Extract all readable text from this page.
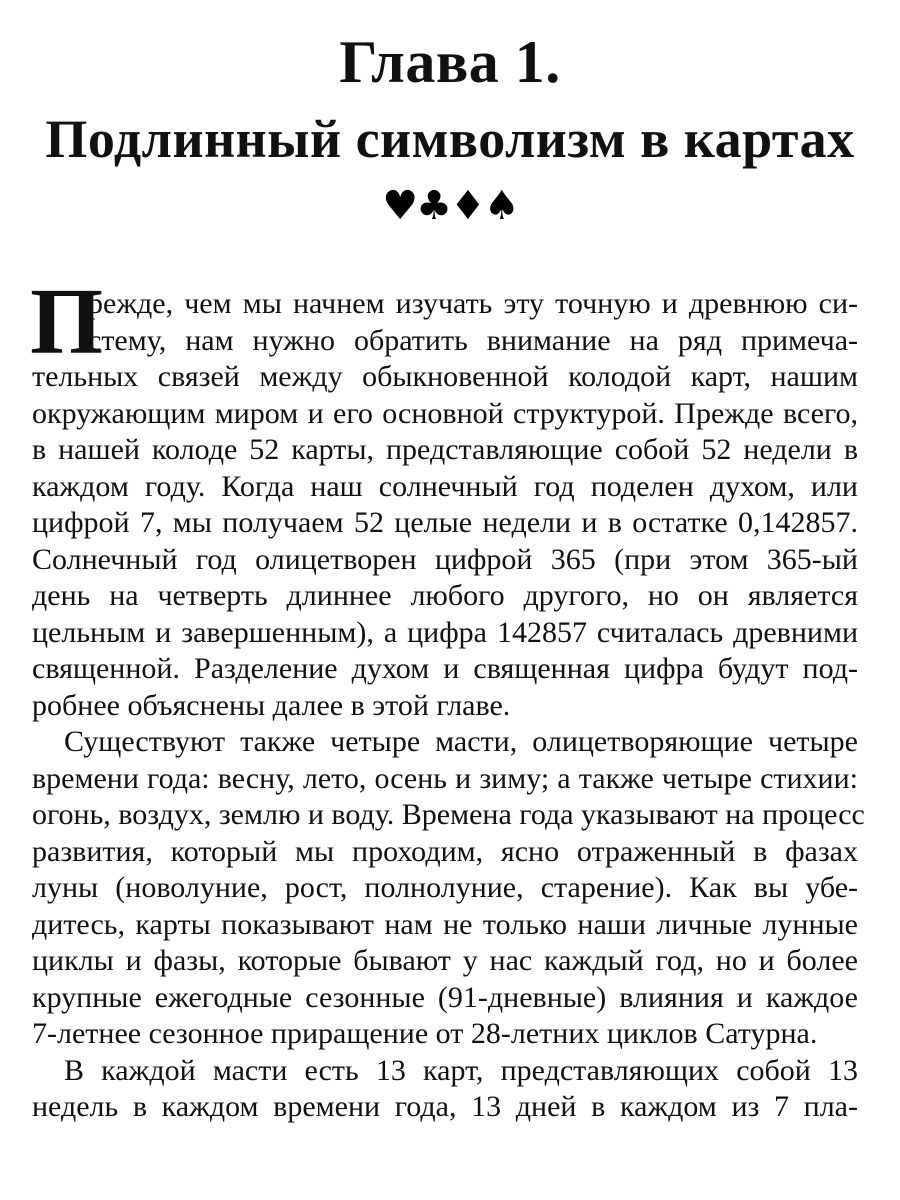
Глава 1.
Подлинный символизм в картах
♥♣♦♠
П
режде, чем мы начнем изучать эту точную и древнюю си-
стему, нам нужно обратить внимание на ряд примеча-
тельных связей между обыкновенной колодой карт, нашим
окружающим миром и его основной структурой. Прежде всего,
в нашей колоде 52 карты, представляющие собой 52 недели в
каждом году. Когда наш солнечный год поделен духом, или
цифрой 7, мы получаем 52 целые недели и в остатке 0,142857.
Солнечный год олицетворен цифрой 365 (при этом 365-ый
день на четверть длиннее любого другого, но он является
цельным и завершенным), а цифра 142857 считалась древними
священной. Разделение духом и священная цифра будут под-
робнее объяснены далее в этой главе.
Существуют также четыре масти, олицетворяющие четыре
времени года: весну, лето, осень и зиму; а также четыре стихии:
огонь, воздух, землю и воду. Времена года указывают на процесс
развития, который мы проходим, ясно отраженный в фазах
луны (новолуние, рост, полнолуние, старение). Как вы убе-
дитесь, карты показывают нам не только наши личные лунные
циклы и фазы, которые бывают у нас каждый год, но и более
крупные ежегодные сезонные (91-дневные) влияния и каждое
7-летнее сезонное приращение от 28-летних циклов Сатурна.
В каждой масти есть 13 карт, представляющих собой 13
недель в каждом времени года, 13 дней в каждом из 7 пла-
